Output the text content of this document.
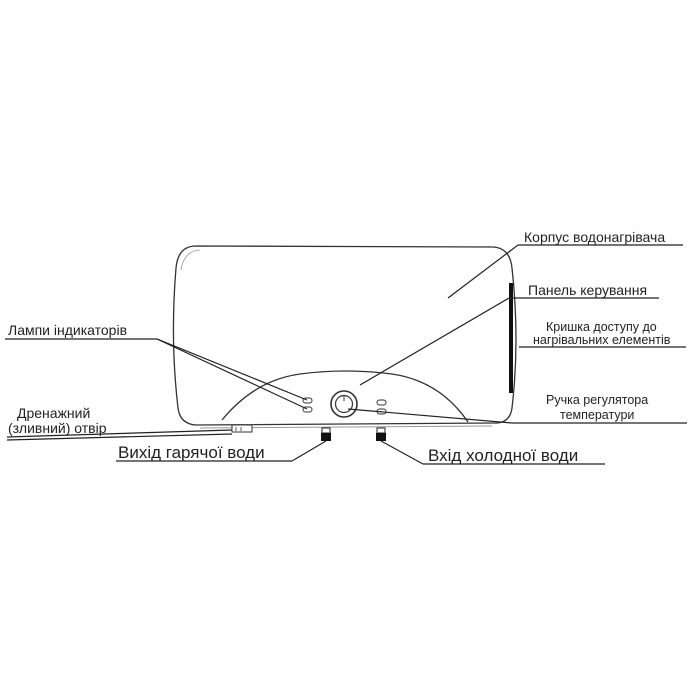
Корпус водонагрівача
Панель керування
Кришка доступу до
нагрівальних елементів
Лампи індикаторів
Ручка регулятора
температури
Дренажний
(зливний) отвір
Вихід гарячої води	Вхід холодної води
